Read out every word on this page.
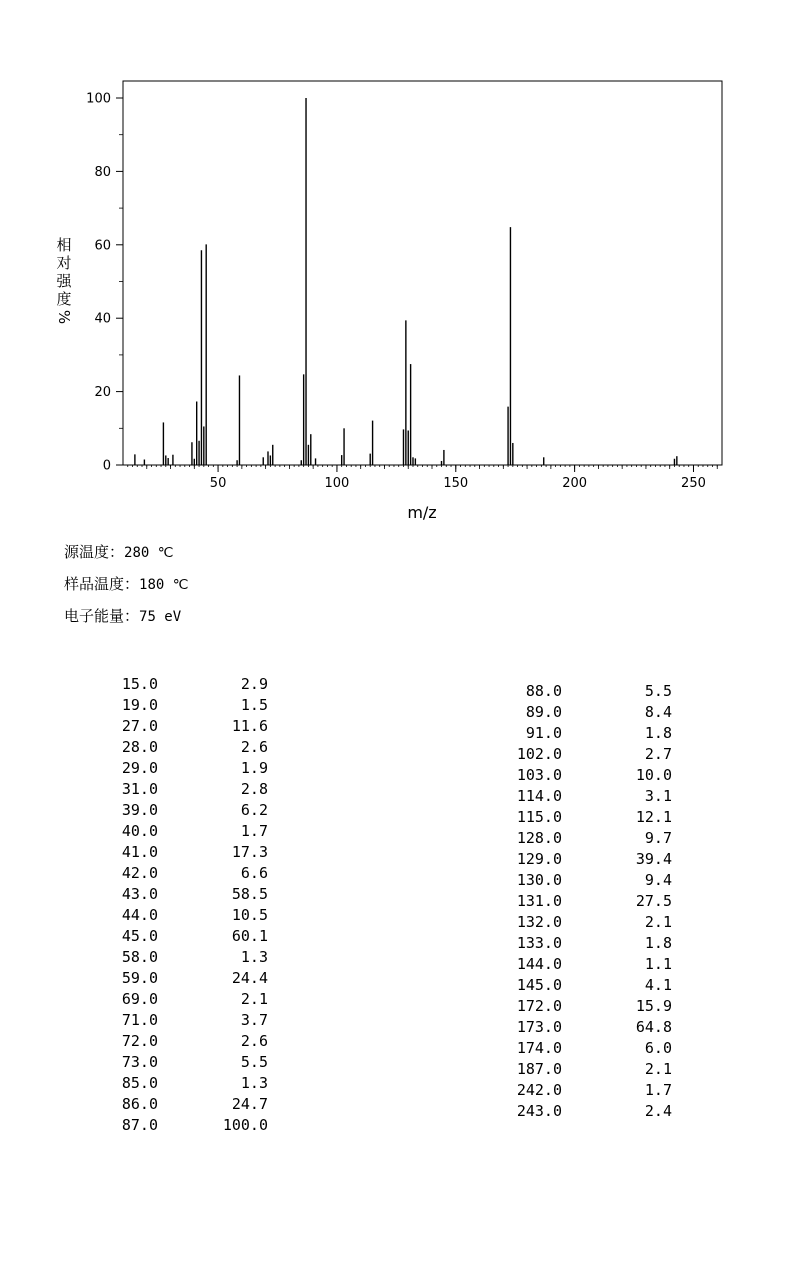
50	100	150	200	250
0
20
40
60
80
100
m/z
相
对
强
度
%
源温度：280 ℃
样品温度：180 ℃
电子能量：75 eV
15.0	2.9
19.0	1.5
27.0	11.6
28.0	2.6
29.0	1.9
31.0	2.8
39.0	6.2
40.0	1.7
41.0	17.3
42.0	6.6
43.0	58.5
44.0	10.5
45.0	60.1
58.0	1.3
59.0	24.4
69.0	2.1
71.0	3.7
72.0	2.6
73.0	5.5
85.0	1.3
86.0	24.7
87.0	100.0
88.0	5.5
89.0	8.4
91.0	1.8
102.0	2.7
103.0	10.0
114.0	3.1
115.0	12.1
128.0	9.7
129.0	39.4
130.0	9.4
131.0	27.5
132.0	2.1
133.0	1.8
144.0	1.1
145.0	4.1
172.0	15.9
173.0	64.8
174.0	6.0
187.0	2.1
242.0	1.7
243.0	2.4
